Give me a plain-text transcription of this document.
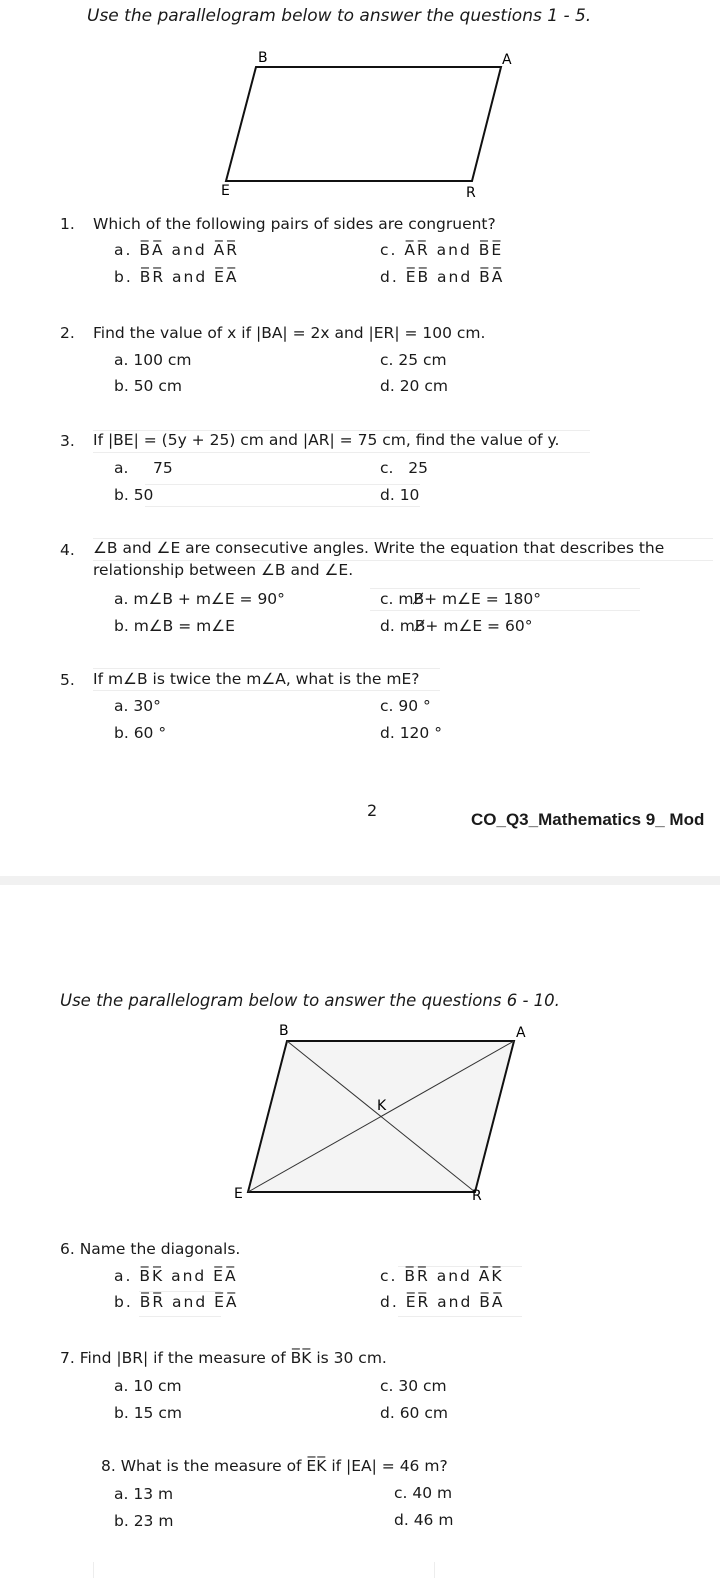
Use the parallelogram below to answer the questions 1 - 5.
B	A
E	R
1. Which of the following pairs of sides are congruent?
a. B̅A̅ and A̅R̅	c. A̅R̅ and B̅E̅
b. B̅R̅ and E̅A̅	d. E̅B̅ and B̅A̅
2. Find the value of x if |BA| = 2x and |ER| = 100 cm.
a. 100 cm	c. 25 cm
b. 50 cm	d. 20 cm
3. If |BE| = (5y + 25) cm and |AR| = 75 cm, find the value of y.
a.     75	c.   25
b. 50	d. 10
4. ∠B and ∠E are consecutive angles. Write the equation that describes the
relationship between ∠B and ∠E.
a. m∠B + m∠E = 90°	c. mB̸+ m∠E = 180°
b. m∠B = m∠E	d. mB̸+ m∠E = 60°
5. If m∠B is twice the m∠A, what is the mE?
a. 30°	c. 90 °
b. 60 °	d. 120 °
2	CO_Q3_Mathematics 9_ Mod
Use the parallelogram below to answer the questions 6 - 10.
B	A
E	R
K
6. Name the diagonals.
a. B̅K̅ and E̅A̅	c. B̅R̅ and A̅K̅
b. B̅R̅ and E̅A̅	d. E̅R̅ and B̅A̅
7. Find |BR| if the measure of B̅K̅ is 30 cm.
a. 10 cm	c. 30 cm
b. 15 cm	d. 60 cm
8. What is the measure of E̅K̅ if |EA| = 46 m?
a. 13 m	c. 40 m
b. 23 m	d. 46 m
